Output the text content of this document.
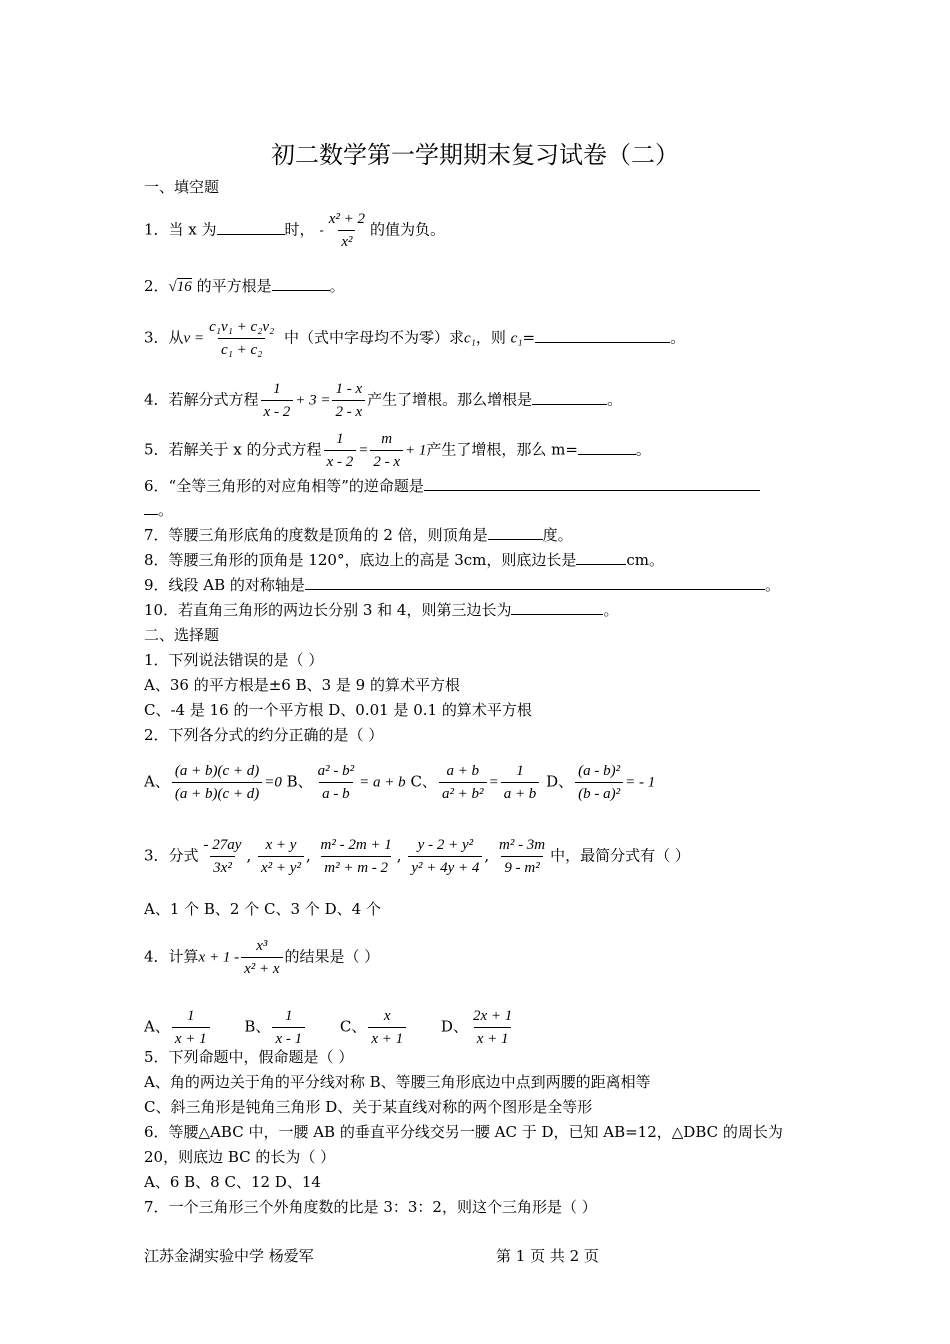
初二数学第一学期期末复习试卷（二）
一、填空题
1．当 x 为	时， - $\frac{\text{x² + 2}}{\text{x²}}$ 的值为负。
2．√16 的平方根是	。
3．从$v = \frac{\text{c₁v₁ + c₂v₂}}{\text{c₁ + c₂}}$ 中（式中字母均不为零）求c₁，则 c₁=	。
4．若解分式方程 $\frac{1}{x - 2} + 3 = \frac{1 - x}{2 - x}$ 产生了增根。那么增根是	。
5．若解关于 x 的分式方程 $\frac{1}{x - 2} = \frac{m}{2 - x} + 1$产生了增根，那么 m=	。
6．“全等三角形的对应角相等”的逆命题是
。
7．等腰三角形底角的度数是顶角的 2 倍，则顶角是	度。
8．等腰三角形的顶角是 120°，底边上的高是 3cm，则底边长是	cm。
9．线段 AB 的对称轴是	。
10．若直角三角形的两边长分别 3 和 4，则第三边长为	。
二、选择题
1．下列说法错误的是（ ）
A、36 的平方根是±6 B、3 是 9 的算术平方根
C、-4 是 16 的一个平方根 D、0.01 是 0.1 的算术平方根
2．下列各分式的约分正确的是（ ）
A、 $\frac{(a + b)(c + d)}{(a + b)(c + d)} =0$ B、 $\frac{\text{a² - b²}}{a - b} = a + b$ C、 $\frac{a + b}{\text{a² + b²}} = \frac{1}{a + b}$ D、 $\frac{\text{(a - b)²}}{\text{(b - a)²}}$ = - 1
3．分式 $\frac{- 27ay}{\text{3x²}}$ , $\frac{x + y}{\text{x² + y²}}$ , $\frac{\text{m² - 2m + 1}}{\text{m² + m - 2}}$ , $\frac{\text{y - 2 + y²}}{\text{y² + 4y + 4}}$ , $\frac{\text{m² - 3m}}{\text{9 - m²}}$ 中，最简分式有（ ）
A、1 个 B、2 个 C、3 个 D、4 个
4．计算$x + 1 - \frac{\text{x³}}{\text{x² + x}}$ 的结果是（ ）
A、 $\frac{1}{x + 1}$ B、 $\frac{1}{x - 1}$ C、 $\frac{x}{x + 1}$ D、 $\frac{2x + 1}{x + 1}$
5．下列命题中，假命题是（ ）
A、角的两边关于角的平分线对称 B、等腰三角形底边中点到两腰的距离相等
C、斜三角形是钝角三角形 D、关于某直线对称的两个图形是全等形
6．等腰△ABC 中，一腰 AB 的垂直平分线交另一腰 AC 于 D，已知 AB=12，△DBC 的周长为
20，则底边 BC 的长为（ ）
A、6 B、8 C、12 D、14
7．一个三角形三个外角度数的比是 3：3：2，则这个三角形是（ ）
江苏金湖实验中学 杨爱军	第 1 页 共 2 页
